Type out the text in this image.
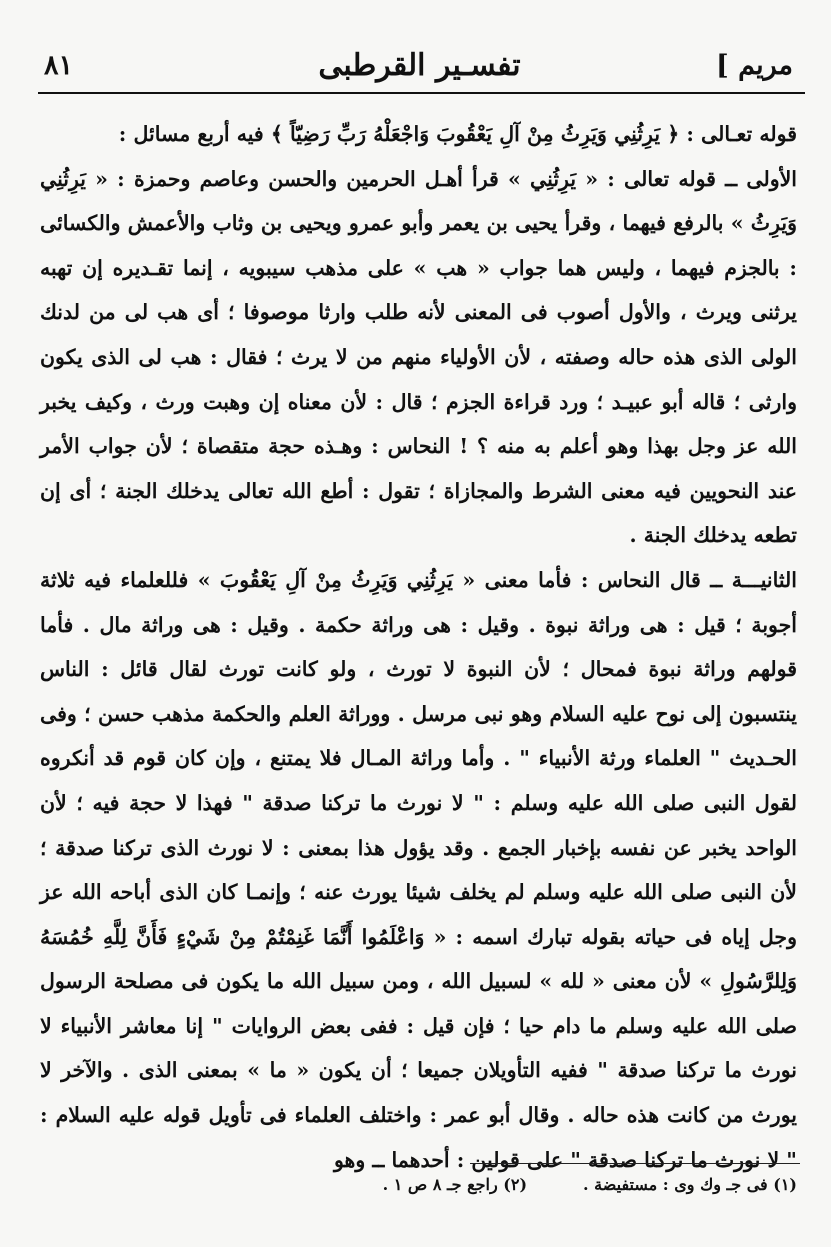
مريم ]
تفسـير القرطبى
٨١

قوله تعـالى : ﴿ يَرِثُنِي وَيَرِثُ مِنْ آلِ يَعْقُوبَ وَاجْعَلْهُ رَبِّ رَضِيّاً ﴾ فيه أربع مسائل :

الأولى ــ قوله تعالى : « يَرِثُنِي » قرأ أهـل الحرمين والحسن وعاصم وحمزة : « يَرِثُنِي وَيَرِثُ » بالرفع فيهما ، وقرأ يحيى بن يعمر وأبو عمرو ويحيى بن وثاب والأعمش والكسائى : بالجزم فيهما ، وليس هما جواب « هب » على مذهب سيبويه ، إنما تقـديره إن تهبه يرثنى ويرث ، والأول أصوب فى المعنى لأنه طلب وارثا موصوفا ؛ أى هب لى من لدنك الولى الذى هذه حاله وصفته ، لأن الأولياء منهم من لا يرث ؛ فقال : هب لى الذى يكون وارثى ؛ قاله أبو عبيـد ؛ ورد قراءة الجزم ؛ قال : لأن معناه إن وهبت ورث ، وكيف يخبر الله عز وجل بهذا وهو أعلم به منه ؟ ! النحاس : وهـذه حجة متقصاة ؛ لأن جواب الأمر عند النحويين فيه معنى الشرط والمجازاة ؛ تقول : أطع الله تعالى يدخلك الجنة ؛ أى إن تطعه يدخلك الجنة .

الثانيـــة ــ قال النحاس : فأما معنى « يَرِثُنِي وَيَرِثُ مِنْ آلِ يَعْقُوبَ » فللعلماء فيه ثلاثة أجوبة ؛ قيل : هى وراثة نبوة . وقيل : هى وراثة حكمة . وقيل : هى وراثة مال . فأما قولهم وراثة نبوة فمحال ؛ لأن النبوة لا تورث ، ولو كانت تورث لقال قائل : الناس ينتسبون إلى نوح عليه السلام وهو نبى مرسل . ووراثة العلم والحكمة مذهب حسن ؛ وفى الحـديث " العلماء ورثة الأنبياء " . وأما وراثة المـال فلا يمتنع ، وإن كان قوم قد أنكروه لقول النبى صلى الله عليه وسلم : " لا نورث ما تركنا صدقة " فهذا لا حجة فيه ؛ لأن الواحد يخبر عن نفسه بإخبار الجمع . وقد يؤول هذا بمعنى : لا نورث الذى تركنا صدقة ؛ لأن النبى صلى الله عليه وسلم لم يخلف شيئا يورث عنه ؛ وإنمـا كان الذى أباحه الله عز وجل إياه فى حياته بقوله تبارك اسمه : « وَاعْلَمُوا أَنَّمَا غَنِمْتُمْ مِنْ شَيْءٍ فَأَنَّ لِلَّهِ خُمُسَهُ وَلِلرَّسُولِ » لأن معنى « لله » لسبيل الله ، ومن سبيل الله ما يكون فى مصلحة الرسول صلى الله عليه وسلم ما دام حيا ؛ فإن قيل : ففى بعض الروايات " إنا معاشر الأنبياء لا نورث ما تركنا صدقة " ففيه التأويلان جميعا ؛ أن يكون « ما » بمعنى الذى . والآخر لا يورث من كانت هذه حاله . وقال أبو عمر : واختلف العلماء فى تأويل قوله عليه السلام : " لا نورث ما تركنا صدقة " على قولين : أحدهما ــ وهو

(١) فى جـ وك وى : مستفيضة .
(٢) راجع جـ ٨ ص ١ .
